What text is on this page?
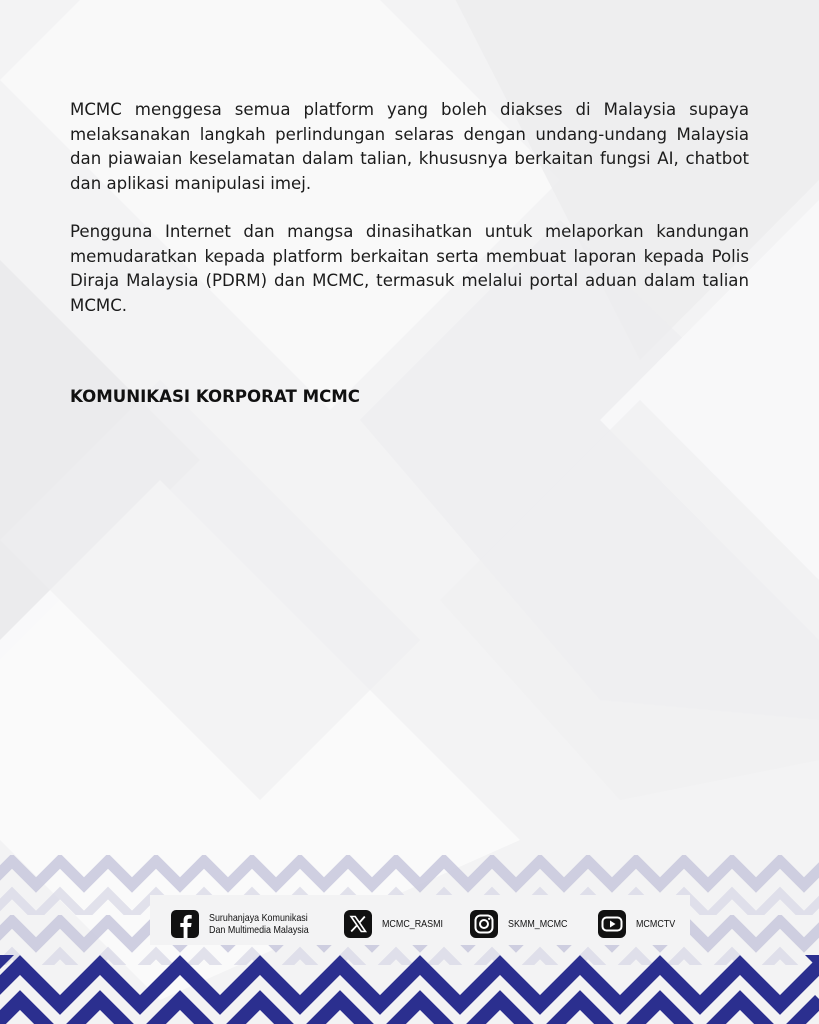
MCMC menggesa semua platform yang boleh diakses di Malaysia supaya melaksanakan langkah perlindungan selaras dengan undang-undang Malaysia dan piawaian keselamatan dalam talian, khususnya berkaitan fungsi AI, chatbot dan aplikasi manipulasi imej.

Pengguna Internet dan mangsa dinasihatkan untuk melaporkan kandungan memudaratkan kepada platform berkaitan serta membuat laporan kepada Polis Diraja Malaysia (PDRM) dan MCMC, termasuk melalui portal aduan dalam talian MCMC.

KOMUNIKASI KORPORAT MCMC
Suruhanjaya Komunikasi
Dan Multimedia Malaysia	MCMC_RASMI	SKMM_MCMC	MCMCTV
